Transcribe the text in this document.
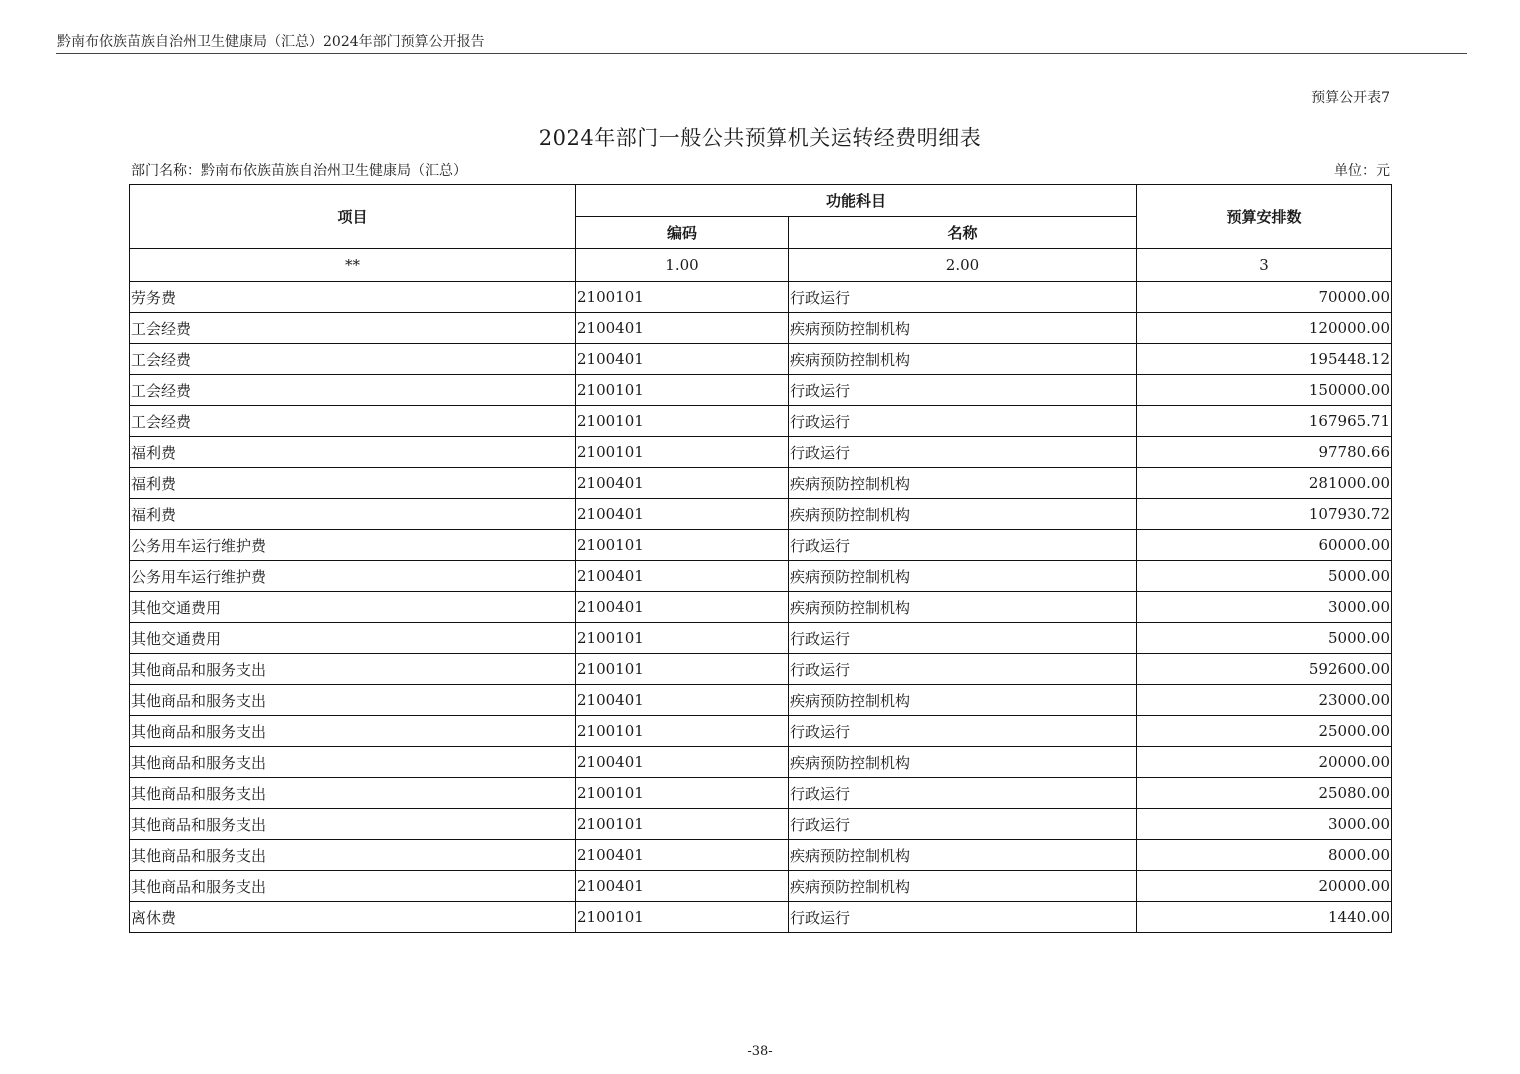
黔南布依族苗族自治州卫生健康局（汇总）2024年部门预算公开报告
预算公开表7
2024年部门一般公共预算机关运转经费明细表
部门名称：黔南布依族苗族自治州卫生健康局（汇总）	单位：元
项目	功能科目		预算安排数
	编码	名称	
**	1.00	2.00	3
劳务费	2100101	行政运行	70000.00
工会经费	2100401	疾病预防控制机构	120000.00
工会经费	2100401	疾病预防控制机构	195448.12
工会经费	2100101	行政运行	150000.00
工会经费	2100101	行政运行	167965.71
福利费	2100101	行政运行	97780.66
福利费	2100401	疾病预防控制机构	281000.00
福利费	2100401	疾病预防控制机构	107930.72
公务用车运行维护费	2100101	行政运行	60000.00
公务用车运行维护费	2100401	疾病预防控制机构	5000.00
其他交通费用	2100401	疾病预防控制机构	3000.00
其他交通费用	2100101	行政运行	5000.00
其他商品和服务支出	2100101	行政运行	592600.00
其他商品和服务支出	2100401	疾病预防控制机构	23000.00
其他商品和服务支出	2100101	行政运行	25000.00
其他商品和服务支出	2100401	疾病预防控制机构	20000.00
其他商品和服务支出	2100101	行政运行	25080.00
其他商品和服务支出	2100101	行政运行	3000.00
其他商品和服务支出	2100401	疾病预防控制机构	8000.00
其他商品和服务支出	2100401	疾病预防控制机构	20000.00
离休费	2100101	行政运行	1440.00
-38-
